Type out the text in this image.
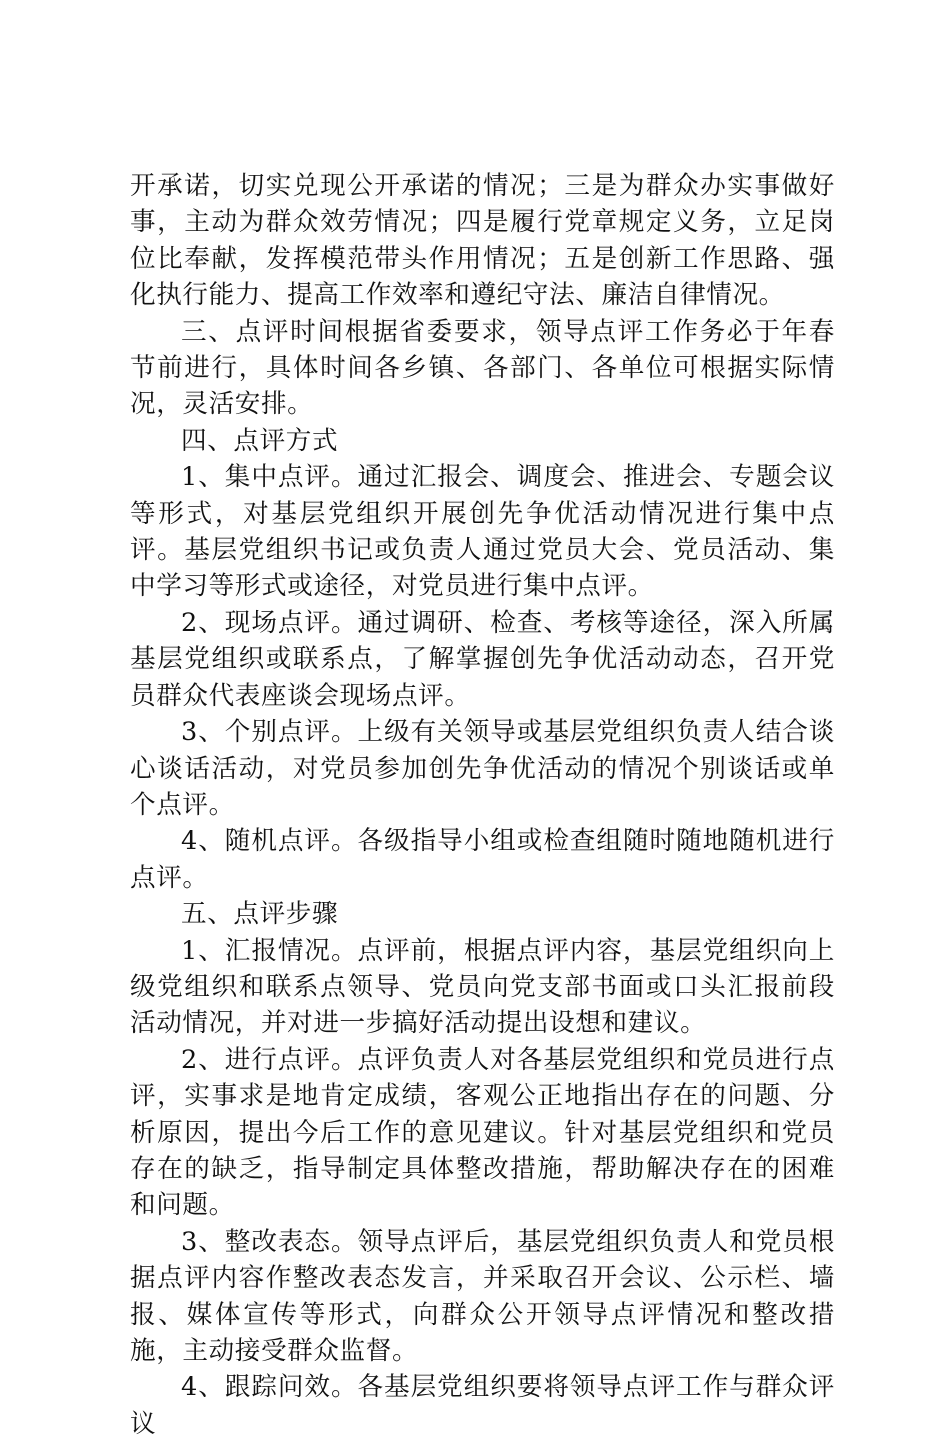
开承诺，切实兑现公开承诺的情况；三是为群众办实事做好事，主动为群众效劳情况；四是履行党章规定义务，立足岗位比奉献，发挥模范带头作用情况；五是创新工作思路、强化执行能力、提高工作效率和遵纪守法、廉洁自律情况。

三、点评时间根据省委要求，领导点评工作务必于年春节前进行，具体时间各乡镇、各部门、各单位可根据实际情况，灵活安排。

四、点评方式

1、集中点评。通过汇报会、调度会、推进会、专题会议等形式，对基层党组织开展创先争优活动情况进行集中点评。基层党组织书记或负责人通过党员大会、党员活动、集中学习等形式或途径，对党员进行集中点评。

2、现场点评。通过调研、检查、考核等途径，深入所属基层党组织或联系点，了解掌握创先争优活动动态，召开党员群众代表座谈会现场点评。

3、个别点评。上级有关领导或基层党组织负责人结合谈心谈话活动，对党员参加创先争优活动的情况个别谈话或单个点评。

4、随机点评。各级指导小组或检查组随时随地随机进行点评。

五、点评步骤

1、汇报情况。点评前，根据点评内容，基层党组织向上级党组织和联系点领导、党员向党支部书面或口头汇报前段活动情况，并对进一步搞好活动提出设想和建议。

2、进行点评。点评负责人对各基层党组织和党员进行点评，实事求是地肯定成绩，客观公正地指出存在的问题、分析原因，提出今后工作的意见建议。针对基层党组织和党员存在的缺乏，指导制定具体整改措施，帮助解决存在的困难和问题。

3、整改表态。领导点评后，基层党组织负责人和党员根据点评内容作整改表态发言，并采取召开会议、公示栏、墙报、媒体宣传等形式，向群众公开领导点评情况和整改措施，主动接受群众监督。

4、跟踪问效。各基层党组织要将领导点评工作与群众评议
